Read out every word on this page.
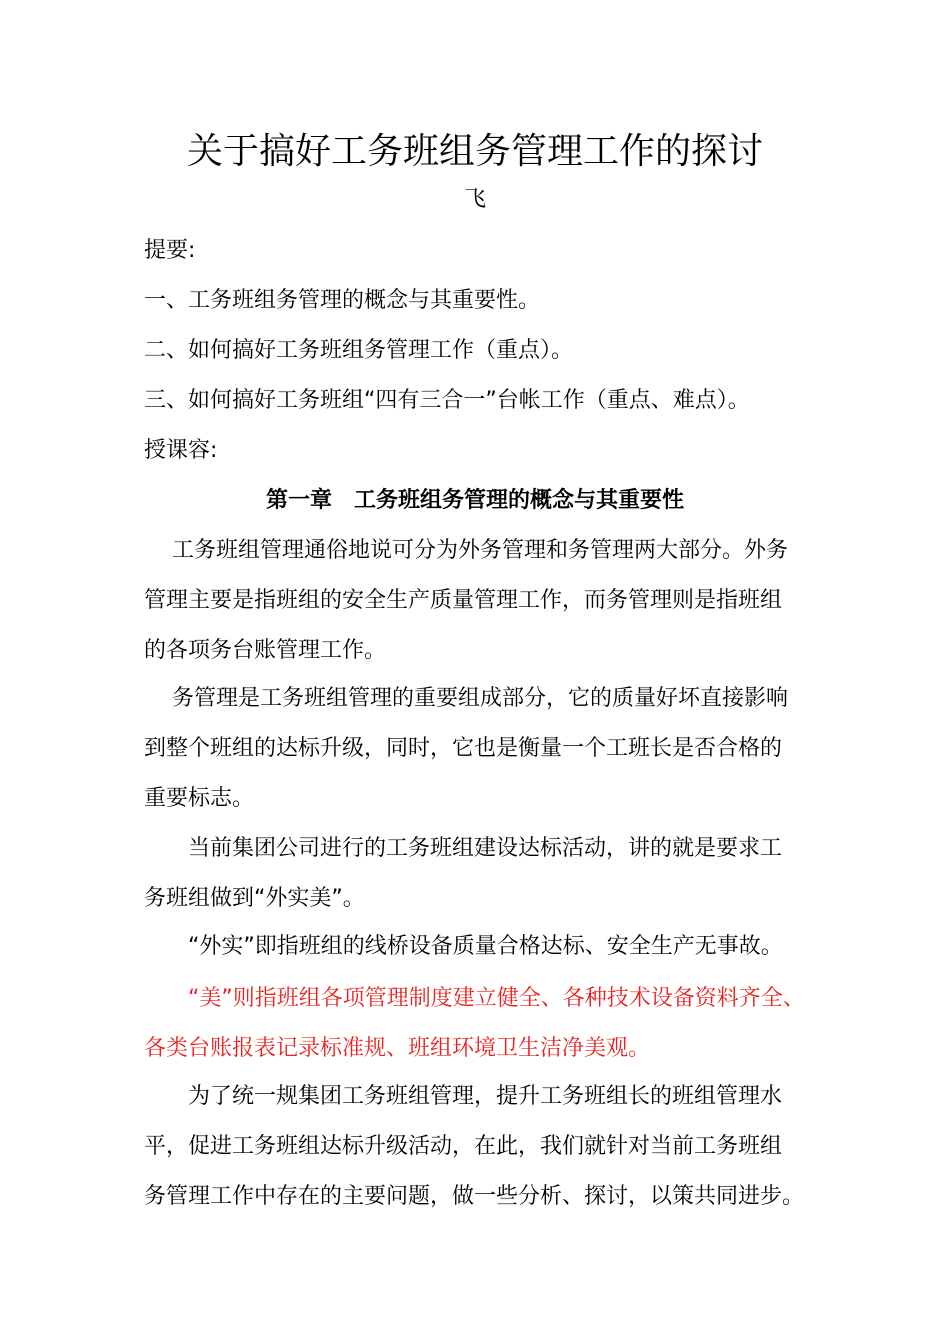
关于搞好工务班组务管理工作的探讨
飞
提要:
一、工务班组务管理的概念与其重要性。
二、如何搞好工务班组务管理工作（重点）。
三、如何搞好工务班组“四有三合一”台帐工作（重点、难点）。
授课容:
第一章　工务班组务管理的概念与其重要性
工务班组管理通俗地说可分为外务管理和务管理两大部分。外务
管理主要是指班组的安全生产质量管理工作，而务管理则是指班组
的各项务台账管理工作。
务管理是工务班组管理的重要组成部分，它的质量好坏直接影响
到整个班组的达标升级，同时，它也是衡量一个工班长是否合格的
重要标志。
当前集团公司进行的工务班组建设达标活动，讲的就是要求工
务班组做到“外实美”。
“外实”即指班组的线桥设备质量合格达标、安全生产无事故。
“美”则指班组各项管理制度建立健全、各种技术设备资料齐全、
各类台账报表记录标准规、班组环境卫生洁净美观。
为了统一规集团工务班组管理，提升工务班组长的班组管理水
平，促进工务班组达标升级活动，在此，我们就针对当前工务班组
务管理工作中存在的主要问题，做一些分析、探讨，以策共同进步。
